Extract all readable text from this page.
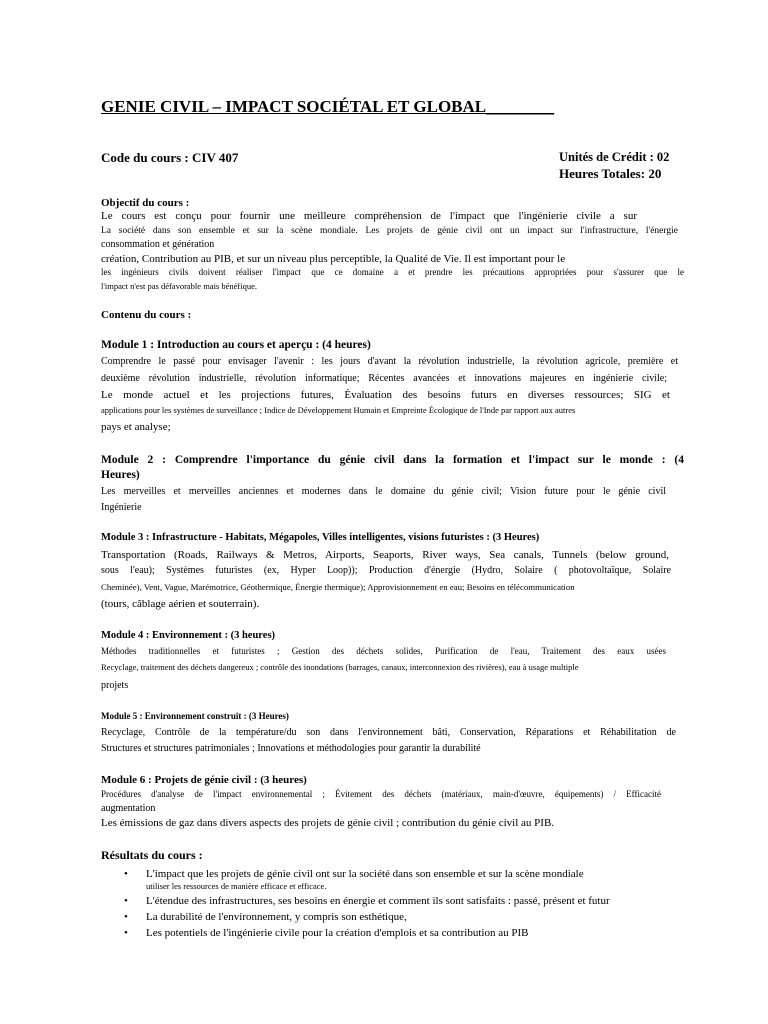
GENIE CIVIL – IMPACT SOCIÉTAL ET GLOBAL________
Code du cours : CIV 407	Unités de Crédit : 02
Heures Totales: 20
Objectif du cours :
Le cours est conçu pour fournir une meilleure compréhension de l'impact que l'ingénierie civile a sur
La société dans son ensemble et sur la scène mondiale. Les projets de génie civil ont un impact sur l'infrastructure, l'énergie
consommation et génération
création, Contribution au PIB, et sur un niveau plus perceptible, la Qualité de Vie. Il est important pour le
les ingénieurs civils doivent réaliser l'impact que ce domaine a et prendre les précautions appropriées pour s'assurer que le
l'impact n'est pas défavorable mais bénéfique.
Contenu du cours :
Module 1 : Introduction au cours et aperçu : (4 heures)
Comprendre le passé pour envisager l'avenir : les jours d'avant la révolution industrielle, la révolution agricole, première et
deuxième révolution industrielle, révolution informatique; Récentes avancées et innovations majeures en ingénierie civile;
Le monde actuel et les projections futures, Évaluation des besoins futurs en diverses ressources; SIG et
applications pour les systèmes de surveillance ; Indice de Développement Humain et Empreinte Écologique de l'Inde par rapport aux autres
pays et analyse;
Module 2 : Comprendre l'importance du génie civil dans la formation et l'impact sur le monde : (4
Heures)
Les merveilles et merveilles anciennes et modernes dans le domaine du génie civil; Vision future pour le génie civil
Ingénierie
Module 3 : Infrastructure - Habitats, Mégapoles, Villes intelligentes, visions futuristes : (3 Heures)
Transportation (Roads, Railways & Metros, Airports, Seaports, River ways, Sea canals, Tunnels (below ground,
sous l'eau); Systèmes futuristes (ex, Hyper Loop)); Production d'énergie (Hydro, Solaire ( photovoltaïque, Solaire
Cheminée), Vent, Vague, Marémotrice, Géothermique, Énergie thermique); Approvisionnement en eau; Besoins en télécommunication
(tours, câblage aérien et souterrain).
Module 4 : Environnement : (3 heures)
Méthodes traditionnelles et futuristes ; Gestion des déchets solides, Purification de l'eau, Traitement des eaux usées
Recyclage, traitement des déchets dangereux ; contrôle des inondations (barrages, canaux, interconnexion des rivières), eau à usage multiple
projets
Module 5 : Environnement construit : (3 Heures)
Recyclage, Contrôle de la température/du son dans l'environnement bâti, Conservation, Réparations et Réhabilitation de
Structures et structures patrimoniales ; Innovations et méthodologies pour garantir la durabilité
Module 6 : Projets de génie civil : (3 heures)
Procédures d'analyse de l'impact environnemental ; Évitement des déchets (matériaux, main-d'œuvre, équipements) / Efficacité
augmentation
Les émissions de gaz dans divers aspects des projets de génie civil ; contribution du génie civil au PIB.
Résultats du cours :
• L'impact que les projets de génie civil ont sur la société dans son ensemble et sur la scène mondiale
utiliser les ressources de manière efficace et efficace.
• L'étendue des infrastructures, ses besoins en énergie et comment ils sont satisfaits : passé, présent et futur
• La durabilité de l'environnement, y compris son esthétique,
• Les potentiels de l'ingénierie civile pour la création d'emplois et sa contribution au PIB
